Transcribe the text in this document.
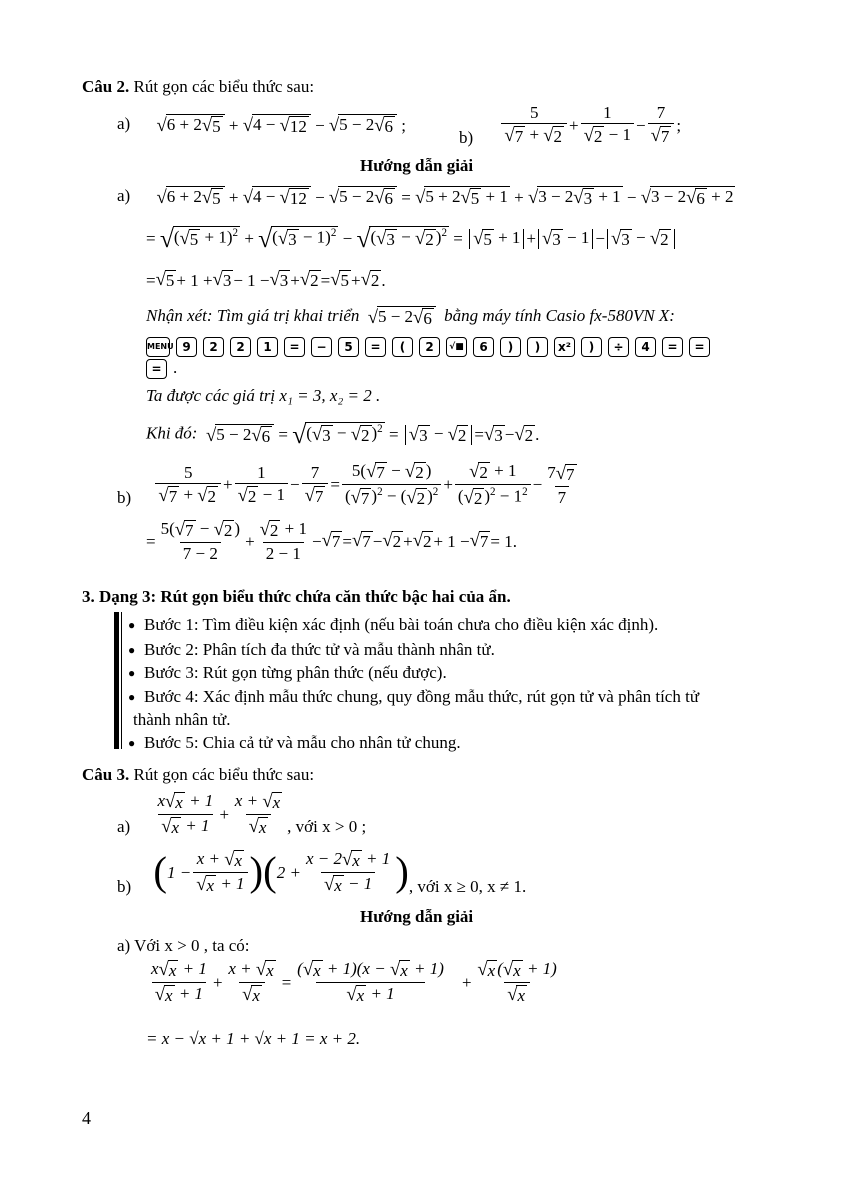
Câu 2. Rút gọn các biểu thức sau:
a) √ 6 + 2 √ 5 + √ 4 − √ 12 − √ 5 − 2 √ 6
;
$b) \frac{5}{√ 7 + √ 2} + \frac{1}{√ 2 - 1} - \frac{7}{√ 7}$ ;
Hướng dẫn giải
a) √ 6 + 2 √ 5 + √ 4 − √ 12 − √ 5 − 2 √ 6 = √ 5 + 2 √ 5 + 1 + √ 3 − 2 √ 3 + 1 − √ 3 − 2 √ 6 + 2
= √ ( √ 5 + 1)$^2$ + √ ( √ 3 − 1)$^2$ − √ ( √ 3 − √ 2 )$^2$ = √ 5 + 1 + √ 3 − 1 − √ 3 − √ 2
= √ 5 + 1 + √ 3 − 1 − √ 3 + √ 2 = √ 5 + √ 2 .
Nhận xét: Tìm giá trị khai triển √ 5 − 2 √ 6 bằng máy tính Casio fx-580VN X:
MENU 9 2 2 1 = − 5 = ( 2 √■ 6 ) ) x² ) ÷ 4 = =
= .
Ta được các giá trị x₁ = 3, x₂ = 2 .
Khi đó: √ 5 − 2 √ 6 = √ ( √ 3 − √ 2 )$^2$ = √ 3 − √ 2 = √ 3 − √ 2 .
$b) \frac{5}{√ 7 + √ 2} + \frac{1}{√ 2 - 1} - \frac{7}{√ 7} = \frac{5( √ 7 - √ 2 )}{( √ 7 )^2 - ( √ 2 )^2} + \frac{√ 2 + 1}{( √ 2 )^2 - 1^2} - \frac{7 √ 7}{7}$
= $\frac{5( √ 7 - √ 2 )}{7 - 2} + \frac{√ 2 + 1}{2 - 1}$ − √ 7 = √ 7 − √ 2 + √ 2 + 1 − √ 7 = 1.
3. Dạng 3: Rút gọn biểu thức chứa căn thức bậc hai của ẩn.
● Bước 1: Tìm điều kiện xác định (nếu bài toán chưa cho điều kiện xác định).
● Bước 2: Phân tích đa thức tử và mẫu thành nhân tử.
● Bước 3: Rút gọn từng phân thức (nếu được).
● Bước 4: Xác định mẫu thức chung, quy đồng mẫu thức, rút gọn tử và phân tích tử
thành nhân tử.
● Bước 5: Chia cả tử và mẫu cho nhân tử chung.
Câu 3. Rút gọn các biểu thức sau:
$a) \frac{x √ x + 1}{√ x + 1} + \frac{x + √ x}{√ x}$ , với x > 0 ;
b) ( $1 - \frac{x + √ x}{√ x + 1}$ )( $2 + \frac{x - 2 √ x + 1}{√ x - 1}$ ) , với x ≥ 0, x ≠ 1.
Hướng dẫn giải
a) Với x > 0 , ta có:
$\frac{x √ x + 1}{√ x + 1} + \frac{x + √ x}{√ x} = \frac{( √ x + 1)(x - √ x + 1)}{√ x + 1} + \frac{√ x ( √ x + 1)}{√ x}$
= x − √x + 1 + √x + 1 = x + 2.
4
